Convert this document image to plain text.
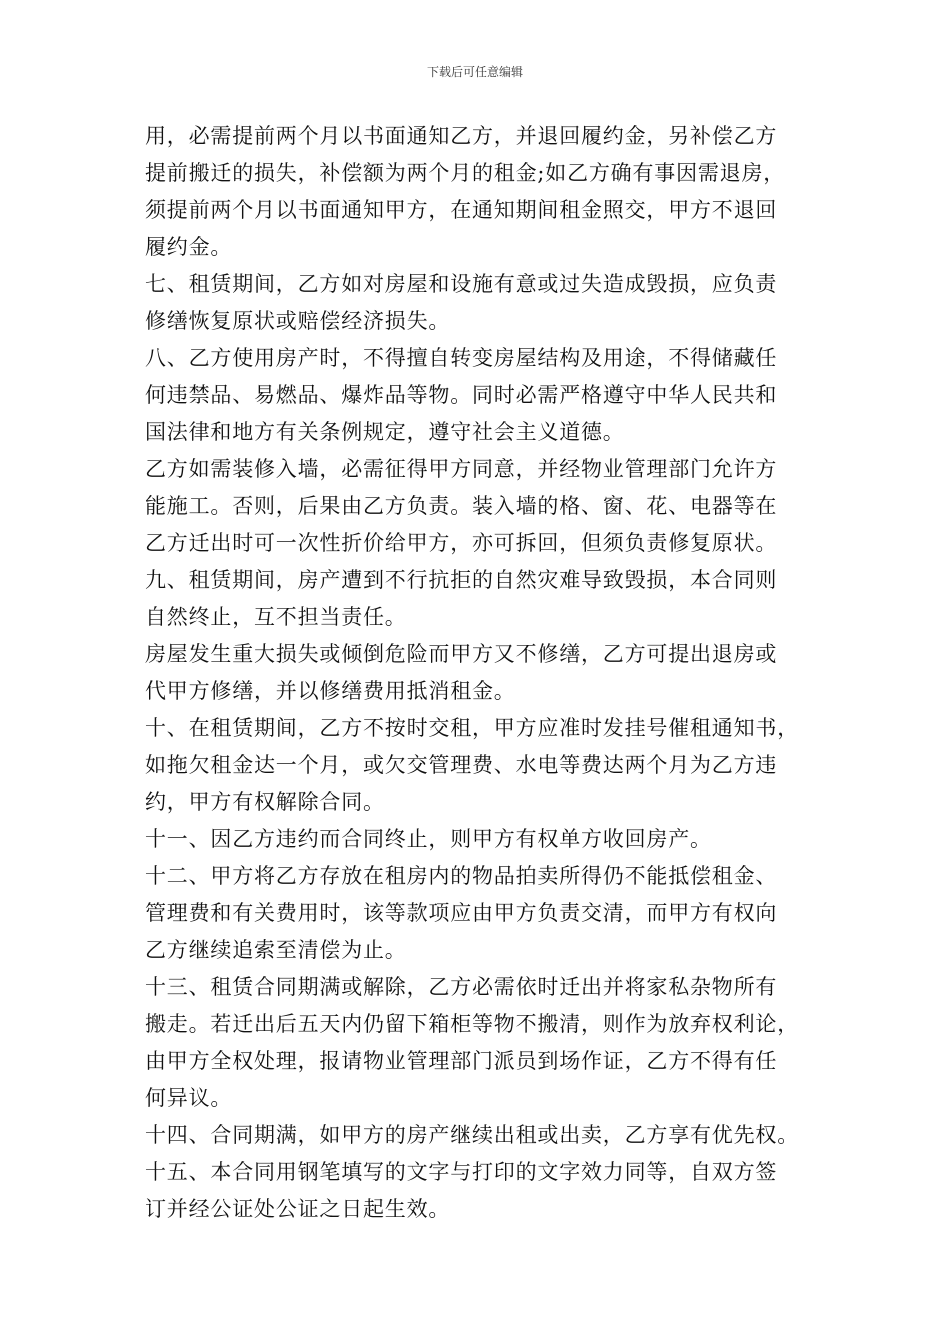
下载后可任意编辑
用，必需提前两个月以书面通知乙方，并退回履约金，另补偿乙方
提前搬迁的损失，补偿额为两个月的租金;如乙方确有事因需退房，
须提前两个月以书面通知甲方，在通知期间租金照交，甲方不退回
履约金。
七、租赁期间，乙方如对房屋和设施有意或过失造成毁损，应负责
修缮恢复原状或赔偿经济损失。
八、乙方使用房产时，不得擅自转变房屋结构及用途，不得储藏任
何违禁品、易燃品、爆炸品等物。同时必需严格遵守中华人民共和
国法律和地方有关条例规定，遵守社会主义道德。
乙方如需装修入墙，必需征得甲方同意，并经物业管理部门允许方
能施工。否则，后果由乙方负责。装入墙的格、窗、花、电器等在
乙方迁出时可一次性折价给甲方，亦可拆回，但须负责修复原状。
九、租赁期间，房产遭到不行抗拒的自然灾难导致毁损，本合同则
自然终止，互不担当责任。
房屋发生重大损失或倾倒危险而甲方又不修缮，乙方可提出退房或
代甲方修缮，并以修缮费用抵消租金。
十、在租赁期间，乙方不按时交租，甲方应准时发挂号催租通知书，
如拖欠租金达一个月，或欠交管理费、水电等费达两个月为乙方违
约，甲方有权解除合同。
十一、因乙方违约而合同终止，则甲方有权单方收回房产。
十二、甲方将乙方存放在租房内的物品拍卖所得仍不能抵偿租金、
管理费和有关费用时，该等款项应由甲方负责交清，而甲方有权向
乙方继续追索至清偿为止。
十三、租赁合同期满或解除，乙方必需依时迁出并将家私杂物所有
搬走。若迁出后五天内仍留下箱柜等物不搬清，则作为放弃权利论，
由甲方全权处理，报请物业管理部门派员到场作证，乙方不得有任
何异议。
十四、合同期满，如甲方的房产继续出租或出卖，乙方享有优先权。
十五、本合同用钢笔填写的文字与打印的文字效力同等，自双方签
订并经公证处公证之日起生效。
